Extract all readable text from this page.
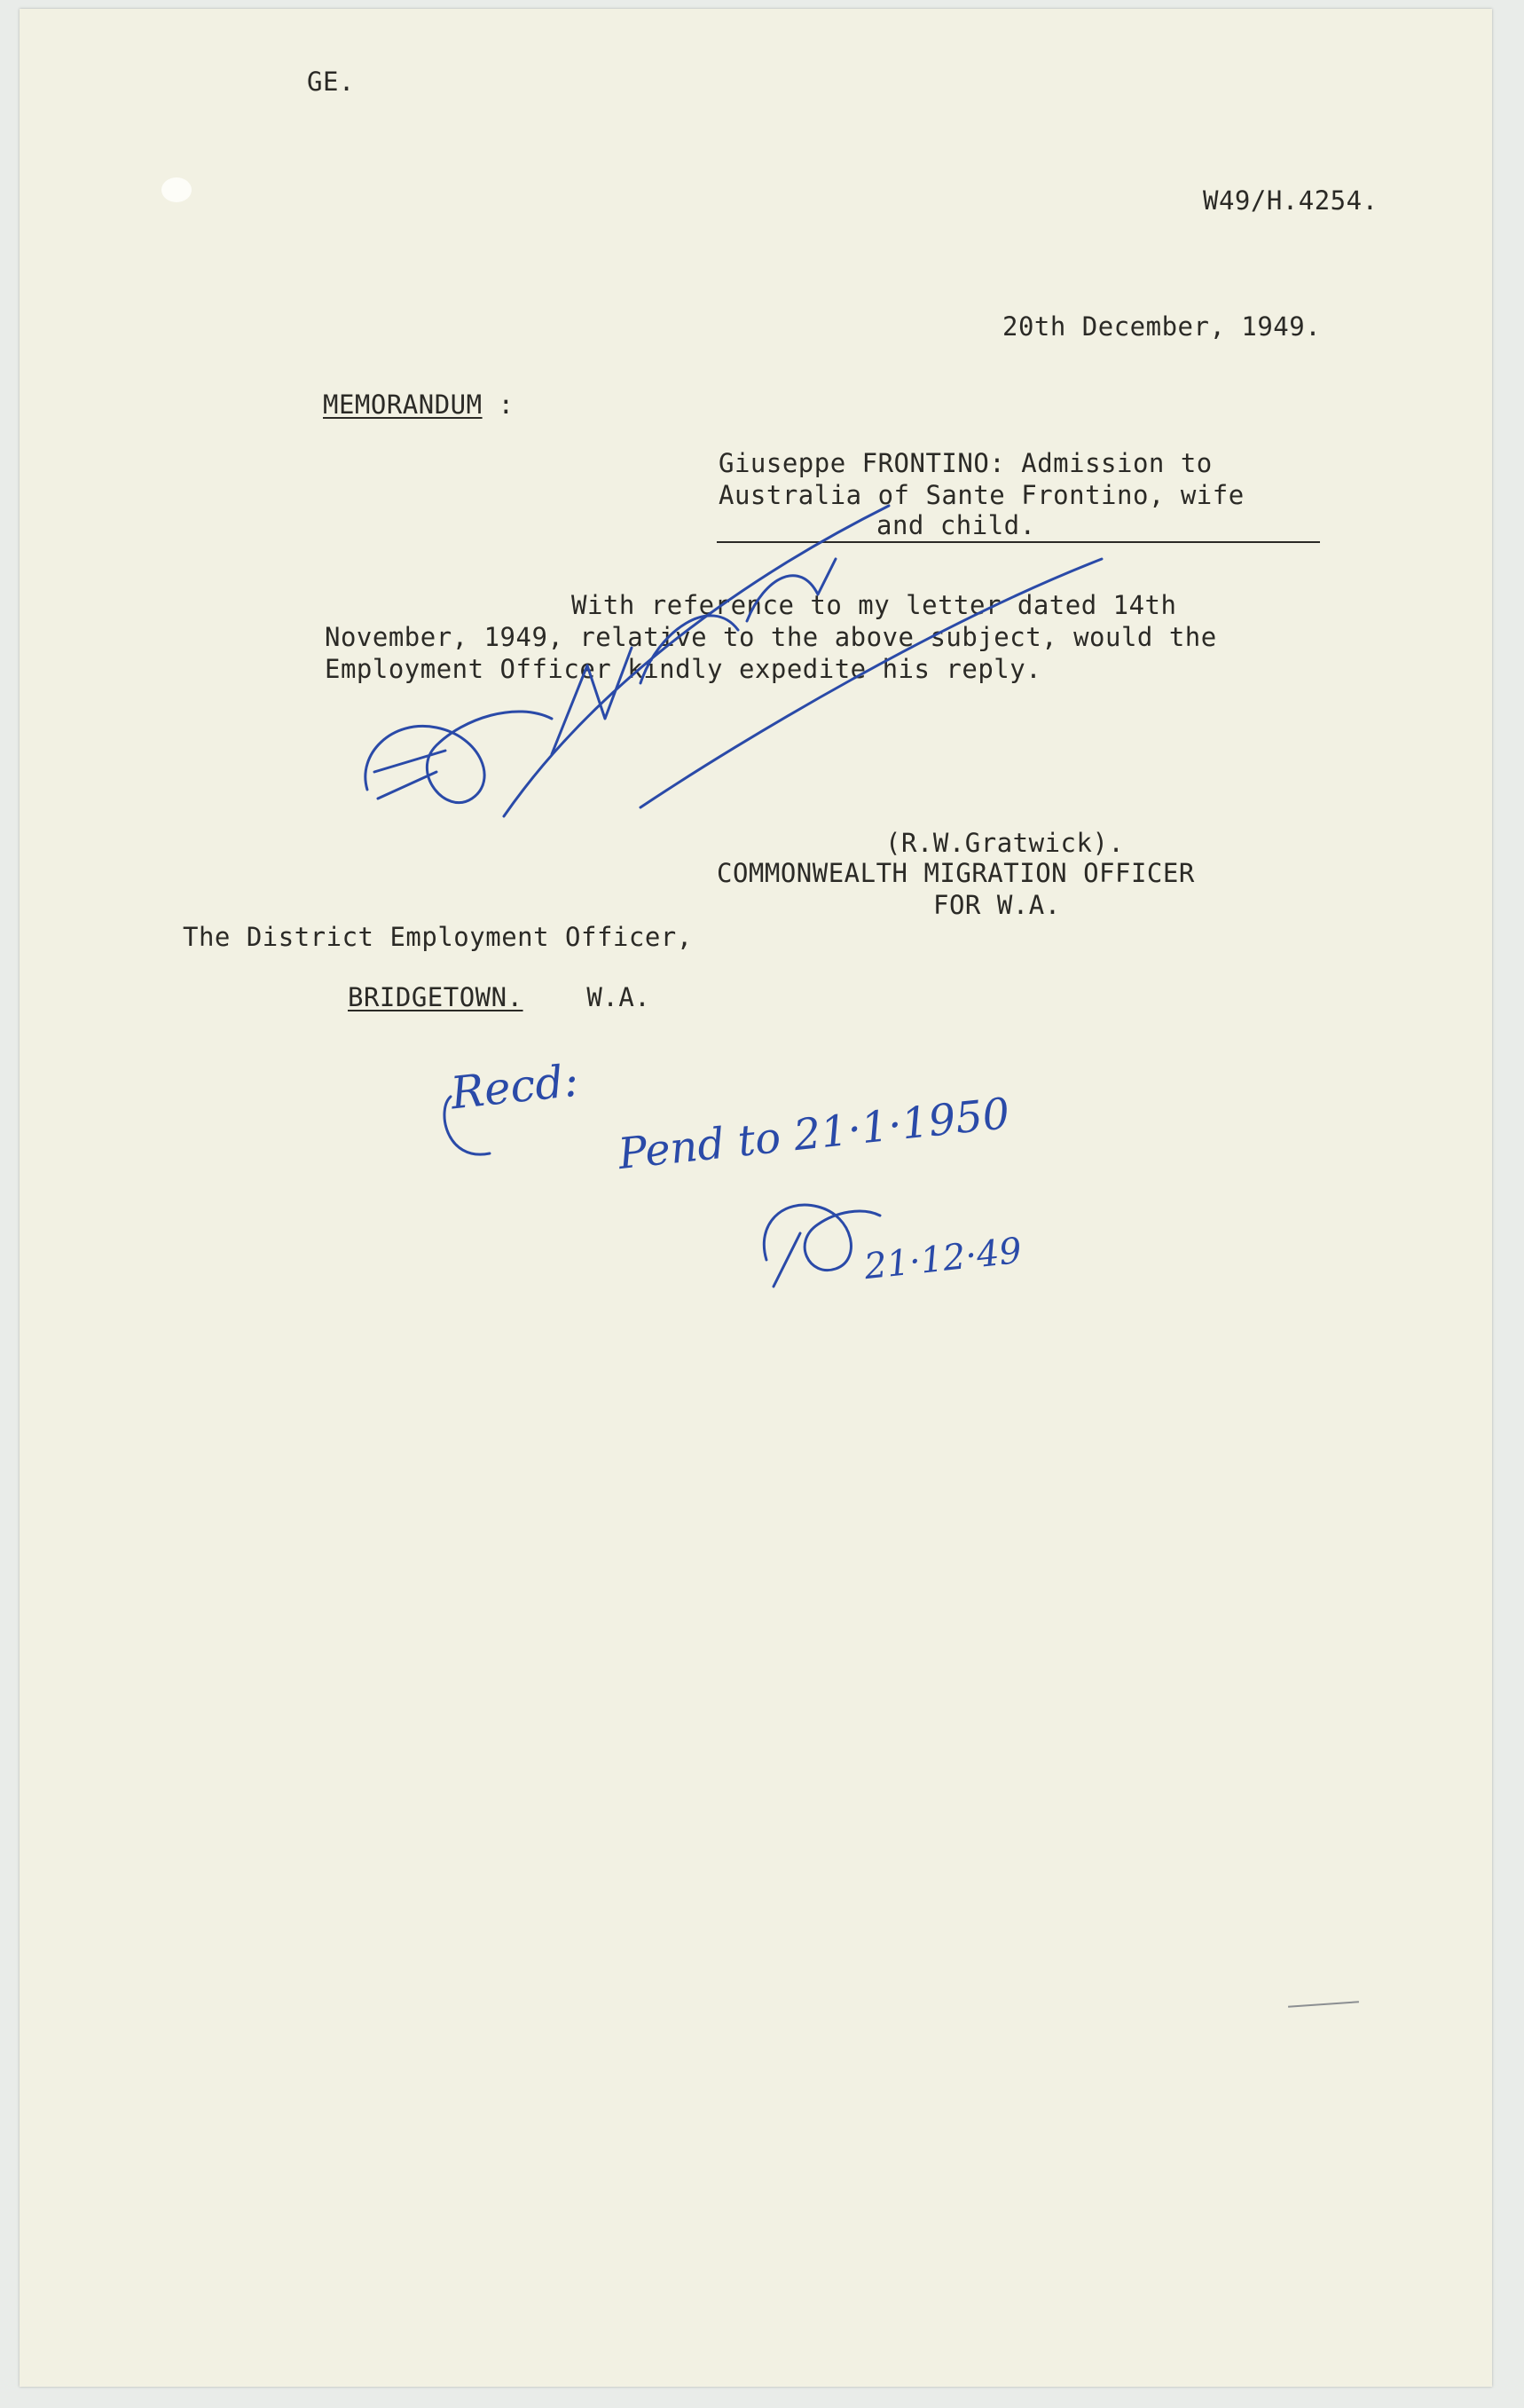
GE.
W49/H.4254.
20th December, 1949.
MEMORANDUM :
Giuseppe FRONTINO: Admission to
Australia of Sante Frontino, wife
and child.
With reference to my letter dated 14th
November, 1949, relative to the above subject, would the
Employment Officer kindly expedite his reply.
(R.W.Gratwick).
COMMONWEALTH MIGRATION OFFICER
FOR W.A.
The District Employment Officer,
BRIDGETOWN. W.A.
Recd:
Pend to 21·1·1950
21·12·49
